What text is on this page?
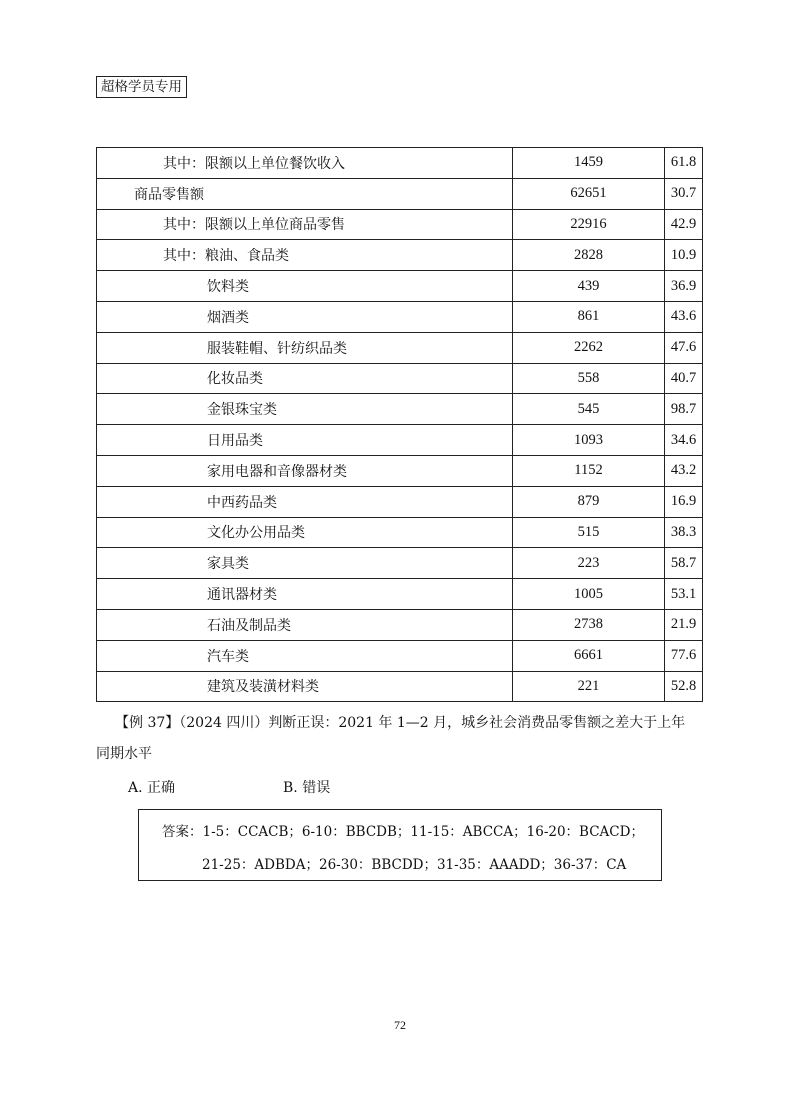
超格学员专用
其中：限额以上单位餐饮收入	1459	61.8
商品零售额	62651	30.7
其中：限额以上单位商品零售	22916	42.9
其中：粮油、食品类	2828	10.9
饮料类	439	36.9
烟酒类	861	43.6
服装鞋帽、针纺织品类	2262	47.6
化妆品类	558	40.7
金银珠宝类	545	98.7
日用品类	1093	34.6
家用电器和音像器材类	1152	43.2
中西药品类	879	16.9
文化办公用品类	515	38.3
家具类	223	58.7
通讯器材类	1005	53.1
石油及制品类	2738	21.9
汽车类	6661	77.6
建筑及装潢材料类	221	52.8
【例 37】（2024 四川）判断正误：2021 年 1—2 月，城乡社会消费品零售额之差大于上年
同期水平
A. 正确	B. 错误
答案：1-5：CCACB；6-10：BBCDB；11-15：ABCCA；16-20：BCACD；
21-25：ADBDA；26-30：BBCDD；31-35：AAADD；36-37：CA
72
